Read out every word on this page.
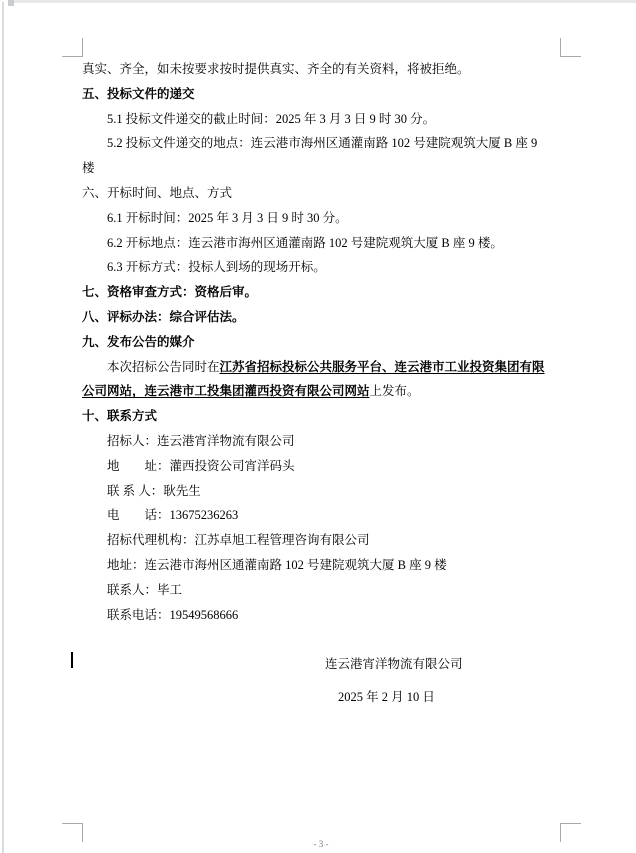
真实、齐全，如未按要求按时提供真实、齐全的有关资料，将被拒绝。

五、投标文件的递交

5.1 投标文件递交的截止时间：2025 年 3 月 3 日 9 时 30 分。

5.2 投标文件递交的地点：连云港市海州区通灌南路 102 号建院观筑大厦 B 座 9

楼

六、开标时间、地点、方式

6.1 开标时间：2025 年 3 月 3 日 9 时 30 分。

6.2 开标地点：连云港市海州区通灌南路 102 号建院观筑大厦 B 座 9 楼。

6.3 开标方式：投标人到场的现场开标。

七、资格审查方式：资格后审。

八、评标办法：综合评估法。

九、发布公告的媒介

本次招标公告同时在江苏省招标投标公共服务平台、连云港市工业投资集团有限

公司网站，连云港市工投集团灌西投资有限公司网站上发布。

十、联系方式

招标人：连云港宵洋物流有限公司

地　　址：灌西投资公司宵洋码头

联 系 人：耿先生

电　　话：13675236263

招标代理机构：江苏卓旭工程管理咨询有限公司

地址：连云港市海州区通灌南路 102 号建院观筑大厦 B 座 9 楼

联系人：毕工

联系电话：19549568666

连云港宵洋物流有限公司

2025 年 2 月 10 日

- 3 -
